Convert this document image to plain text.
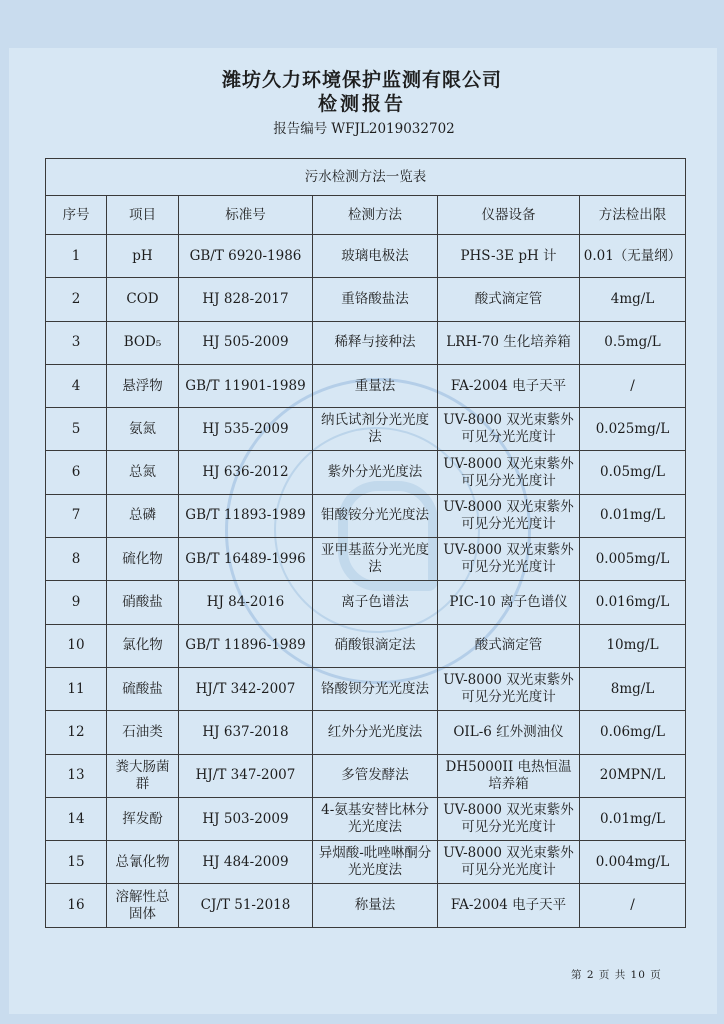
潍坊久力环境保护监测有限公司
检测报告
报告编号 WFJL2019032702
污水检测方法一览表					
序号	项目	标准号	检测方法	仪器设备	方法检出限
1	pH	GB/T 6920-1986	玻璃电极法	PHS-3E pH 计	0.01（无量纲）
2	COD	HJ 828-2017	重铬酸盐法	酸式滴定管	4mg/L
3	BOD₅	HJ 505-2009	稀释与接种法	LRH-70 生化培养箱	0.5mg/L
4	悬浮物	GB/T 11901-1989	重量法	FA-2004 电子天平	/
5	氨氮	HJ 535-2009	纳氏试剂分光光度法	UV-8000 双光束紫外可见分光光度计	0.025mg/L
6	总氮	HJ 636-2012	紫外分光光度法	UV-8000 双光束紫外可见分光光度计	0.05mg/L
7	总磷	GB/T 11893-1989	钼酸铵分光光度法	UV-8000 双光束紫外可见分光光度计	0.01mg/L
8	硫化物	GB/T 16489-1996	亚甲基蓝分光光度法	UV-8000 双光束紫外可见分光光度计	0.005mg/L
9	硝酸盐	HJ 84-2016	离子色谱法	PIC-10 离子色谱仪	0.016mg/L
10	氯化物	GB/T 11896-1989	硝酸银滴定法	酸式滴定管	10mg/L
11	硫酸盐	HJ/T 342-2007	铬酸钡分光光度法	UV-8000 双光束紫外可见分光光度计	8mg/L
12	石油类	HJ 637-2018	红外分光光度法	OIL-6 红外测油仪	0.06mg/L
13	粪大肠菌群	HJ/T 347-2007	多管发酵法	DH5000II 电热恒温培养箱	20MPN/L
14	挥发酚	HJ 503-2009	4-氨基安替比林分光光度法	UV-8000 双光束紫外可见分光光度计	0.01mg/L
15	总氰化物	HJ 484-2009	异烟酸-吡唑啉酮分光光度法	UV-8000 双光束紫外可见分光光度计	0.004mg/L
16	溶解性总固体	CJ/T 51-2018	称量法	FA-2004 电子天平	/
第 2 页 共 10 页
